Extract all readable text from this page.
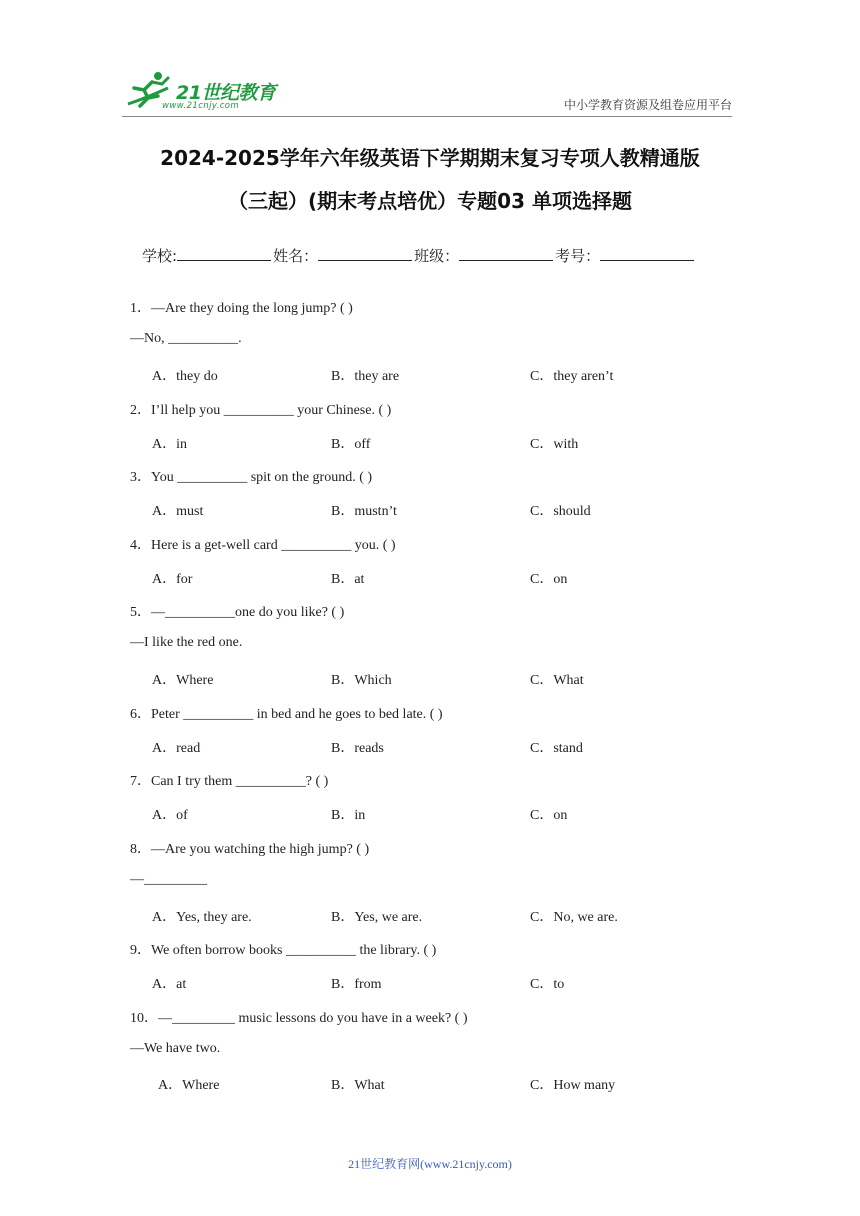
21世纪教育
www.21cnjy.com	中小学教育资源及组卷应用平台
2024-2025学年六年级英语下学期期末复习专项人教精通版
（三起）(期末考点培优）专题03 单项选择题
学校:	姓名：	班级：	考号：
1．—Are they doing the long jump? ( )
—No, __________.
A．they do	B．they are	C．they aren’t
2．I’ll help you __________ your Chinese. ( )
A．in	B．off	C．with
3．You __________ spit on the ground. ( )
A．must	B．mustn’t	C．should
4．Here is a get-well card __________ you. ( )
A．for	B．at	C．on
5．—__________one do you like? ( )
—I like the red one.
A．Where	B．Which	C．What
6．Peter __________ in bed and he goes to bed late. ( )
A．read	B．reads	C．stand
7．Can I try them __________? ( )
A．of	B．in	C．on
8．—Are you watching the high jump? ( )
—_________
A．Yes, they are.	B．Yes, we are.	C．No, we are.
9．We often borrow books __________ the library. ( )
A．at	B．from	C．to
10．—_________ music lessons do you have in a week? ( )
—We have two.
A．Where	B．What	C．How many
21世纪教育网(www.21cnjy.com)
